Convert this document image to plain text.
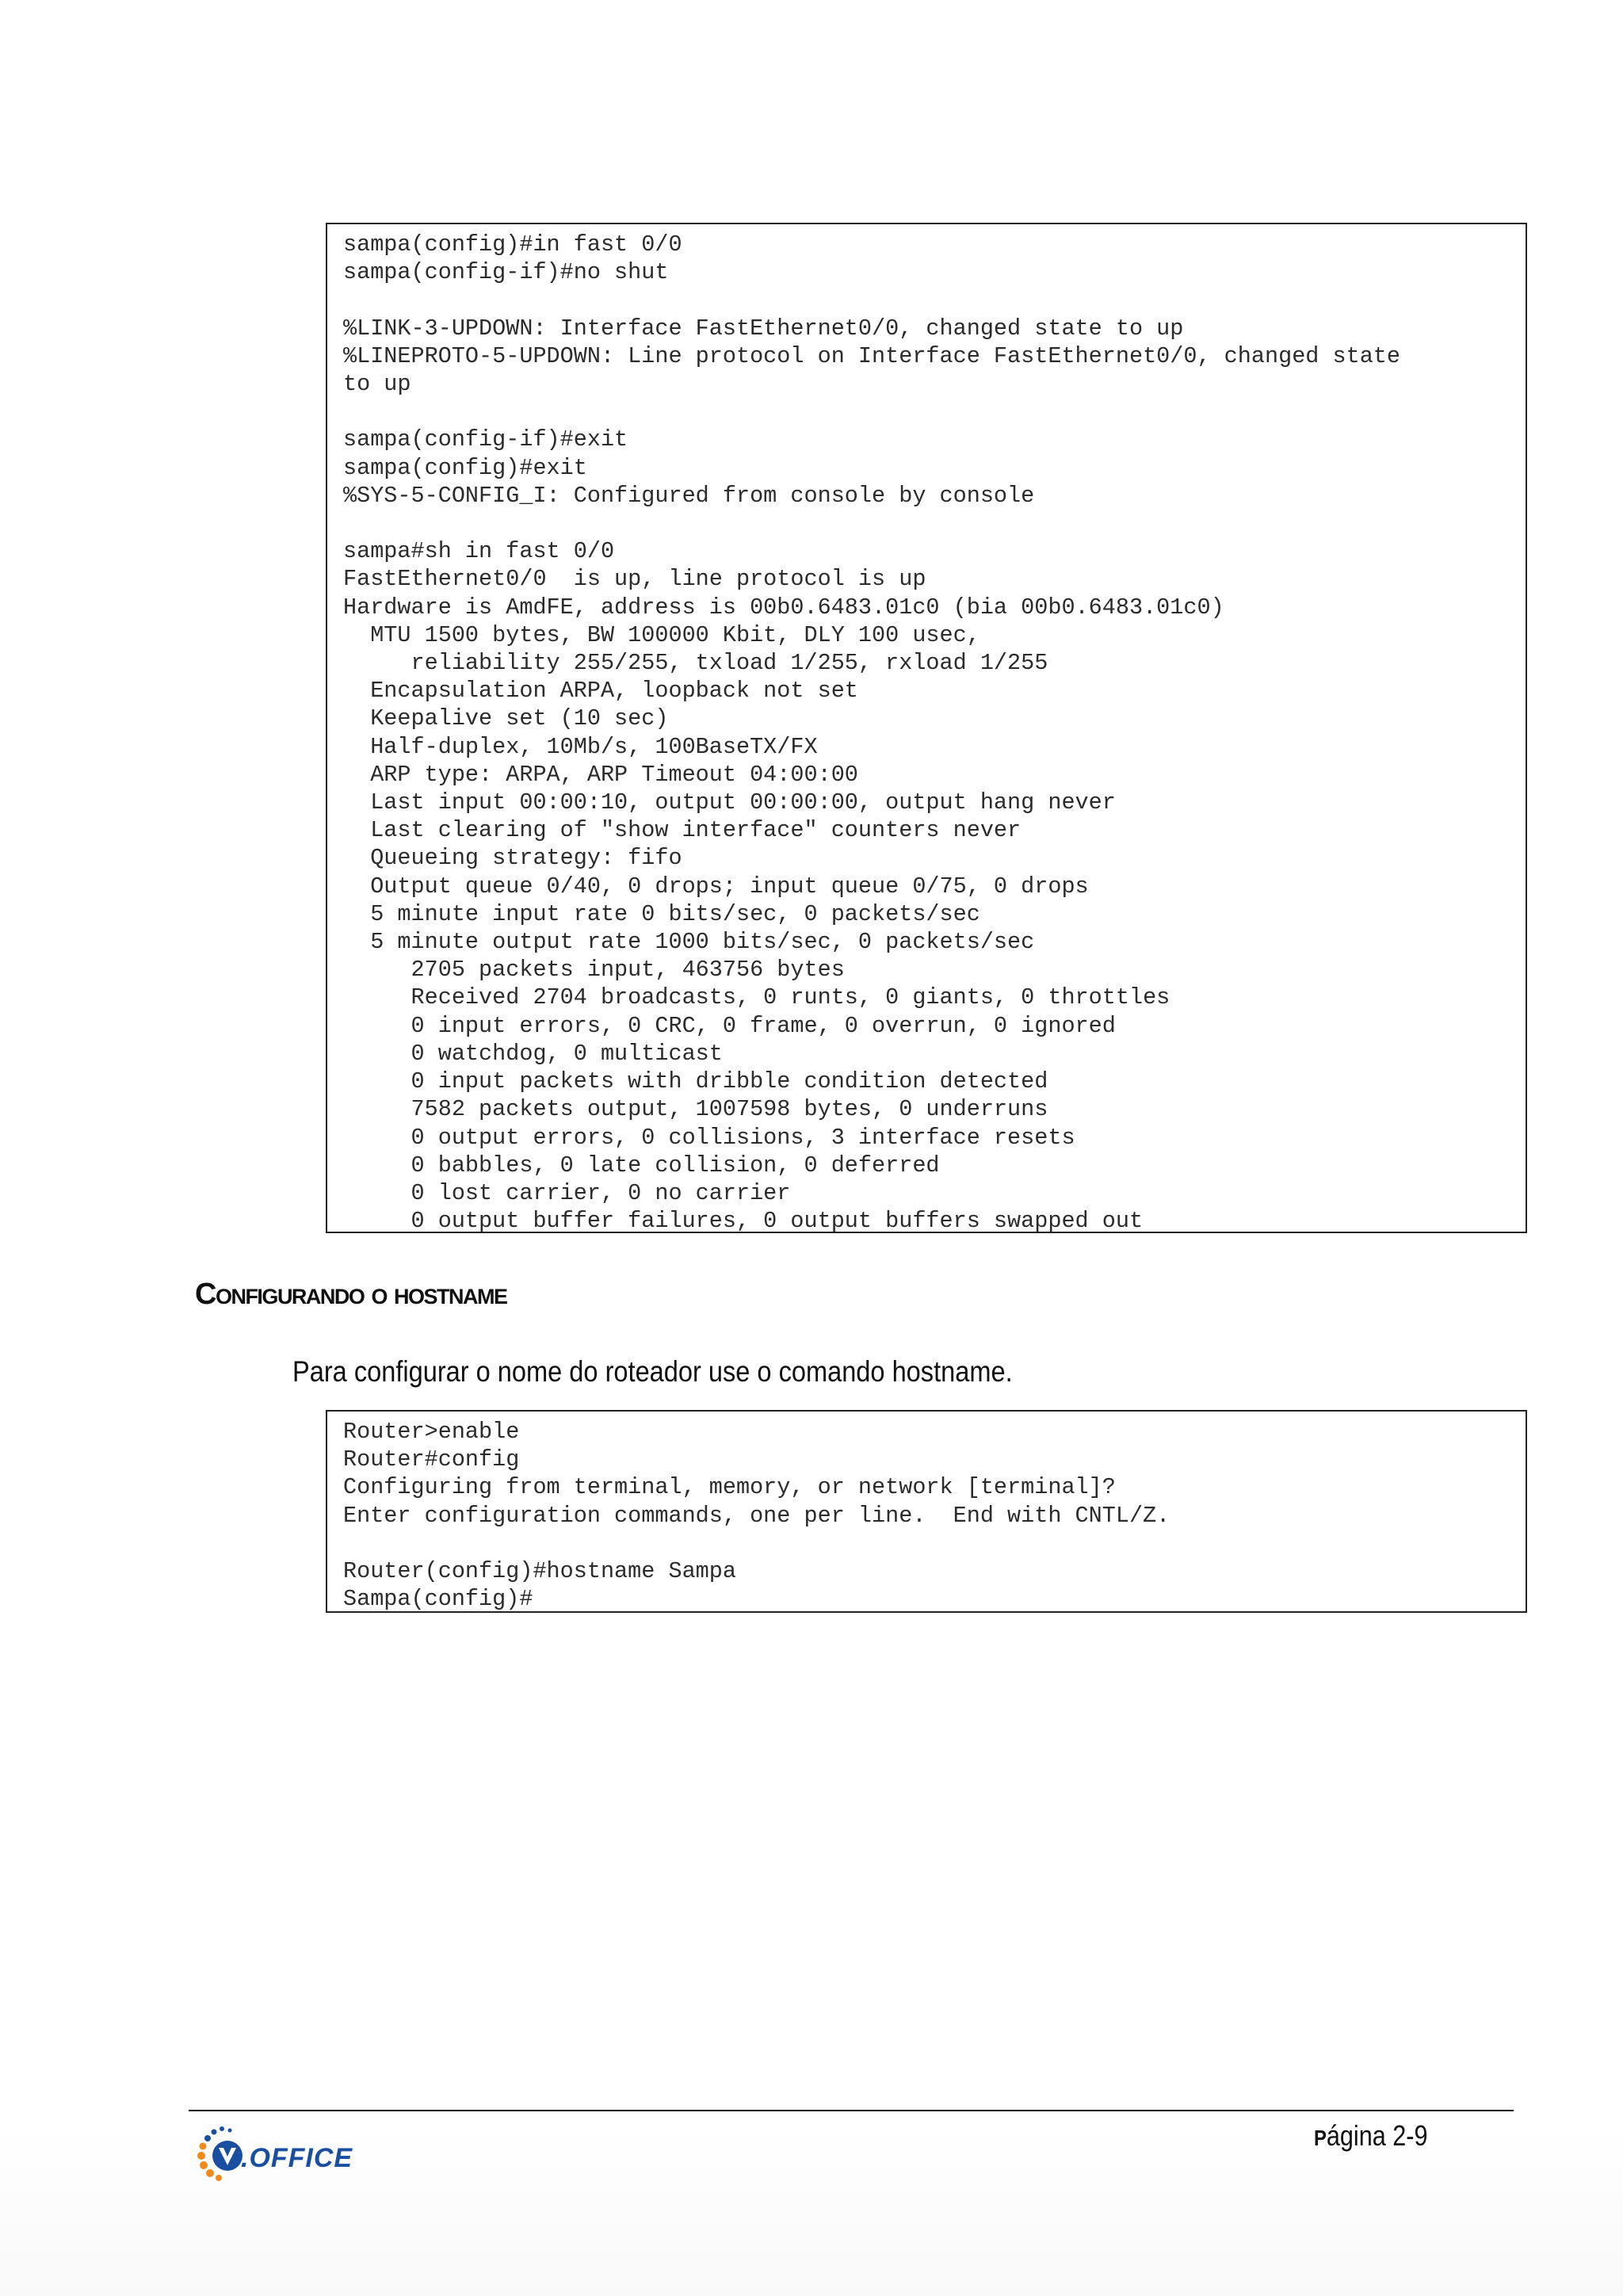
sampa(config)#in fast 0/0
sampa(config-if)#no shut

%LINK-3-UPDOWN: Interface FastEthernet0/0, changed state to up
%LINEPROTO-5-UPDOWN: Line protocol on Interface FastEthernet0/0, changed state
to up

sampa(config-if)#exit
sampa(config)#exit
%SYS-5-CONFIG_I: Configured from console by console

sampa#sh in fast 0/0
FastEthernet0/0  is up, line protocol is up
Hardware is AmdFE, address is 00b0.6483.01c0 (bia 00b0.6483.01c0)
MTU 1500 bytes, BW 100000 Kbit, DLY 100 usec,
reliability 255/255, txload 1/255, rxload 1/255
Encapsulation ARPA, loopback not set
Keepalive set (10 sec)
Half-duplex, 10Mb/s, 100BaseTX/FX
ARP type: ARPA, ARP Timeout 04:00:00
Last input 00:00:10, output 00:00:00, output hang never
Last clearing of "show interface" counters never
Queueing strategy: fifo
Output queue 0/40, 0 drops; input queue 0/75, 0 drops
5 minute input rate 0 bits/sec, 0 packets/sec
5 minute output rate 1000 bits/sec, 0 packets/sec
2705 packets input, 463756 bytes
Received 2704 broadcasts, 0 runts, 0 giants, 0 throttles
0 input errors, 0 CRC, 0 frame, 0 overrun, 0 ignored
0 watchdog, 0 multicast
0 input packets with dribble condition detected
7582 packets output, 1007598 bytes, 0 underruns
0 output errors, 0 collisions, 3 interface resets
0 babbles, 0 late collision, 0 deferred
0 lost carrier, 0 no carrier
0 output buffer failures, 0 output buffers swapped out
Configurando o hostname
Para configurar o nome do roteador use o comando hostname.
Router>enable
Router#config
Configuring from terminal, memory, or network [terminal]?
Enter configuration commands, one per line.  End with CNTL/Z.

Router(config)#hostname Sampa
Sampa(config)#
.OFFICE
Página 2-9
